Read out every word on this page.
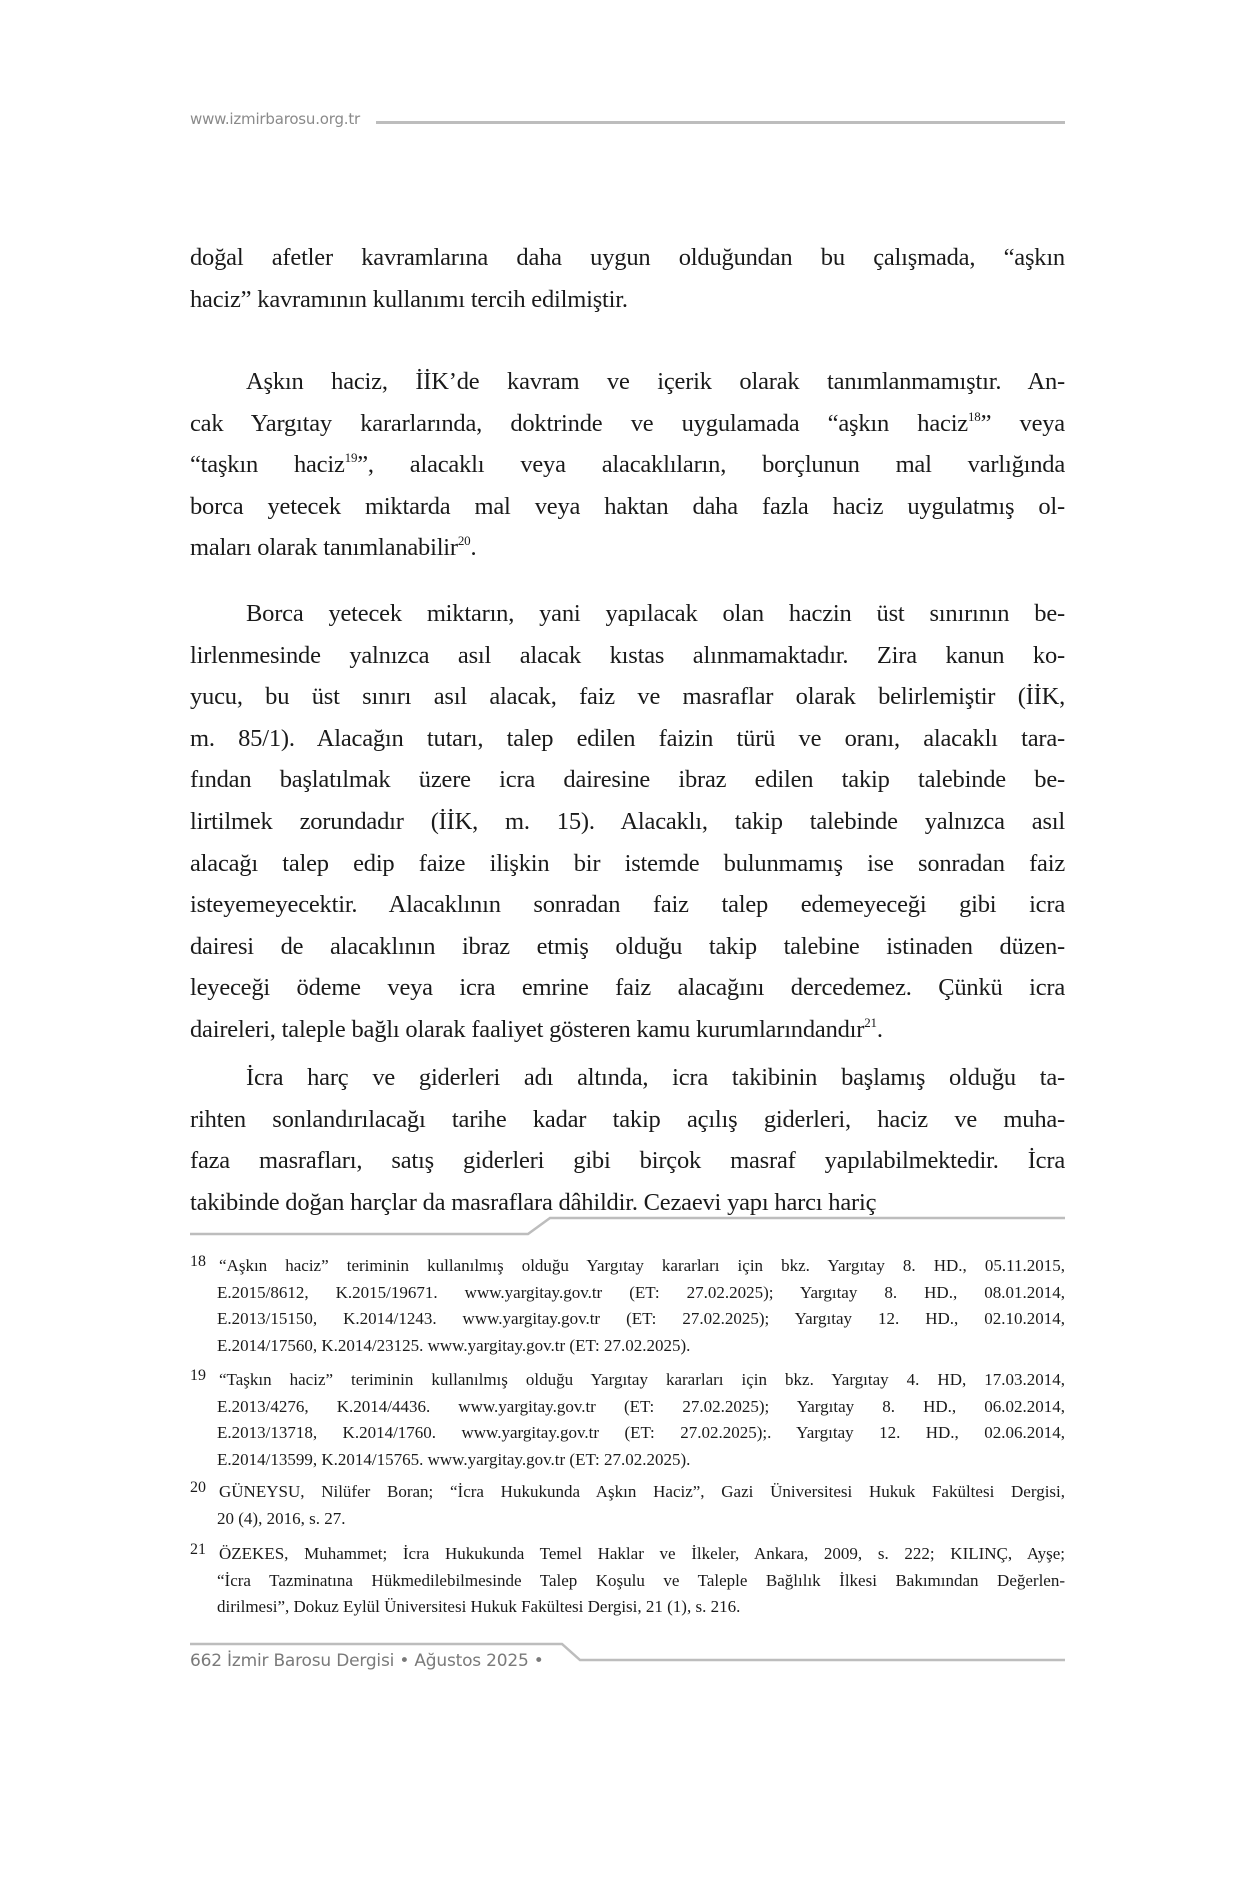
www.izmirbarosu.org.tr
doğal afetler kavramlarına daha uygun olduğundan bu çalışmada, “aşkın
haciz” kavramının kullanımı tercih edilmiştir.
Aşkın haciz, İİK’de kavram ve içerik olarak tanımlanmamıştır. An-
cak Yargıtay kararlarında, doktrinde ve uygulamada “aşkın haciz$^{18}$” veya
“taşkın haciz$^{19}$”, alacaklı veya alacaklıların, borçlunun mal varlığında
borca yetecek miktarda mal veya haktan daha fazla haciz uygulatmış ol-
maları olarak tanımlanabilir$^{20}$.
Borca yetecek miktarın, yani yapılacak olan haczin üst sınırının be-
lirlenmesinde yalnızca asıl alacak kıstas alınmamaktadır. Zira kanun ko-
yucu, bu üst sınırı asıl alacak, faiz ve masraflar olarak belirlemiştir (İİK,
m. 85/1). Alacağın tutarı, talep edilen faizin türü ve oranı, alacaklı tara-
fından başlatılmak üzere icra dairesine ibraz edilen takip talebinde be-
lirtilmek zorundadır (İİK, m. 15). Alacaklı, takip talebinde yalnızca asıl
alacağı talep edip faize ilişkin bir istemde bulunmamış ise sonradan faiz
isteyemeyecektir. Alacaklının sonradan faiz talep edemeyeceği gibi icra
dairesi de alacaklının ibraz etmiş olduğu takip talebine istinaden düzen-
leyeceği ödeme veya icra emrine faiz alacağını dercedemez. Çünkü icra
daireleri, taleple bağlı olarak faaliyet gösteren kamu kurumlarındandır$^{21}$.
İcra harç ve giderleri adı altında, icra takibinin başlamış olduğu ta-
rihten sonlandırılacağı tarihe kadar takip açılış giderleri, haciz ve muha-
faza masrafları, satış giderleri gibi birçok masraf yapılabilmektedir. İcra
takibinde doğan harçlar da masraflara dâhildir. Cezaevi yapı harcı hariç
18 “Aşkın haciz” teriminin kullanılmış olduğu Yargıtay kararları için bkz. Yargıtay 8. HD., 05.11.2015,
E.2015/8612, K.2015/19671. www.yargitay.gov.tr (ET: 27.02.2025); Yargıtay 8. HD., 08.01.2014,
E.2013/15150, K.2014/1243. www.yargitay.gov.tr (ET: 27.02.2025); Yargıtay 12. HD., 02.10.2014,
E.2014/17560, K.2014/23125. www.yargitay.gov.tr (ET: 27.02.2025).
19 “Taşkın haciz” teriminin kullanılmış olduğu Yargıtay kararları için bkz. Yargıtay 4. HD, 17.03.2014,
E.2013/4276, K.2014/4436. www.yargitay.gov.tr (ET: 27.02.2025); Yargıtay 8. HD., 06.02.2014,
E.2013/13718, K.2014/1760. www.yargitay.gov.tr (ET: 27.02.2025);. Yargıtay 12. HD., 02.06.2014,
E.2014/13599, K.2014/15765. www.yargitay.gov.tr (ET: 27.02.2025).
20 GÜNEYSU, Nilüfer Boran; “İcra Hukukunda Aşkın Haciz”, Gazi Üniversitesi Hukuk Fakültesi Dergisi,
20 (4), 2016, s. 27.
21 ÖZEKES, Muhammet; İcra Hukukunda Temel Haklar ve İlkeler, Ankara, 2009, s. 222; KILINÇ, Ayşe;
“İcra Tazminatına Hükmedilebilmesinde Talep Koşulu ve Taleple Bağlılık İlkesi Bakımından Değerlen-
dirilmesi”, Dokuz Eylül Üniversitesi Hukuk Fakültesi Dergisi, 21 (1), s. 216.
662 İzmir Barosu Dergisi • Ağustos 2025 •
